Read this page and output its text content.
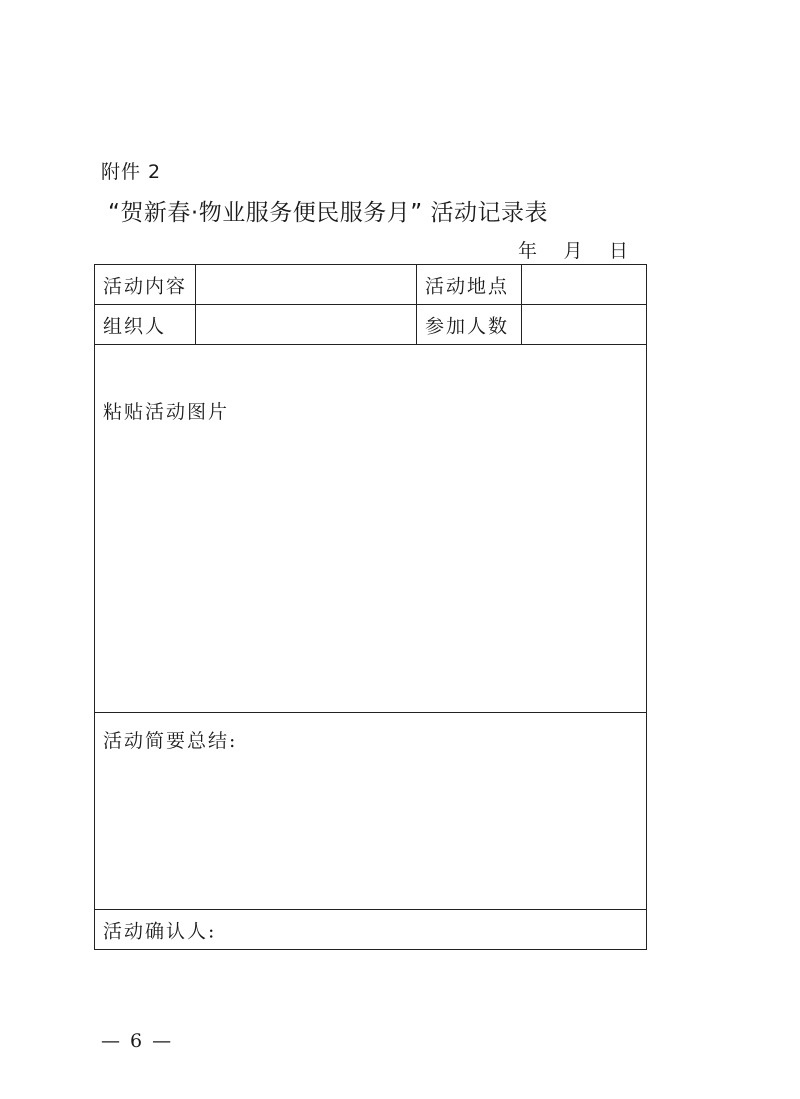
附件 2
“贺新春·物业服务便民服务月” 活动记录表
年 月 日
活动内容	活动地点
组织人	参加人数
粘贴活动图片
活动简要总结:
活动确认人:
— 6 —
